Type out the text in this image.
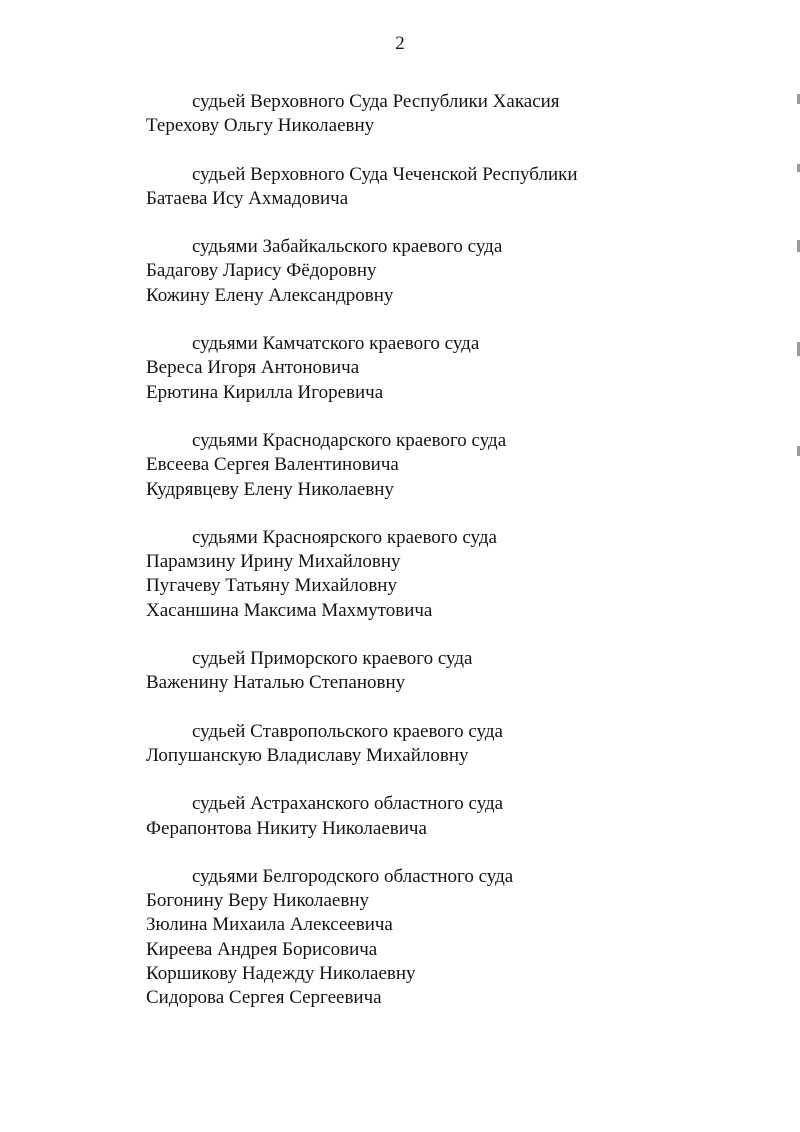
2
судьей Верховного Суда Республики Хакасия
Терехову Ольгу Николаевну
судьей Верховного Суда Чеченской Республики
Батаева Ису Ахмадовича
судьями Забайкальского краевого суда
Бадагову Ларису Фёдоровну
Кожину Елену Александровну
судьями Камчатского краевого суда
Вереса Игоря Антоновича
Ерютина Кирилла Игоревича
судьями Краснодарского краевого суда
Евсеева Сергея Валентиновича
Кудрявцеву Елену Николаевну
судьями Красноярского краевого суда
Парамзину Ирину Михайловну
Пугачеву Татьяну Михайловну
Хасаншина Максима Махмутовича
судьей Приморского краевого суда
Важенину Наталью Степановну
судьей Ставропольского краевого суда
Лопушанскую Владиславу Михайловну
судьей Астраханского областного суда
Ферапонтова Никиту Николаевича
судьями Белгородского областного суда
Богонину Веру Николаевну
Зюлина Михаила Алексеевича
Киреева Андрея Борисовича
Коршикову Надежду Николаевну
Сидорова Сергея Сергеевича
